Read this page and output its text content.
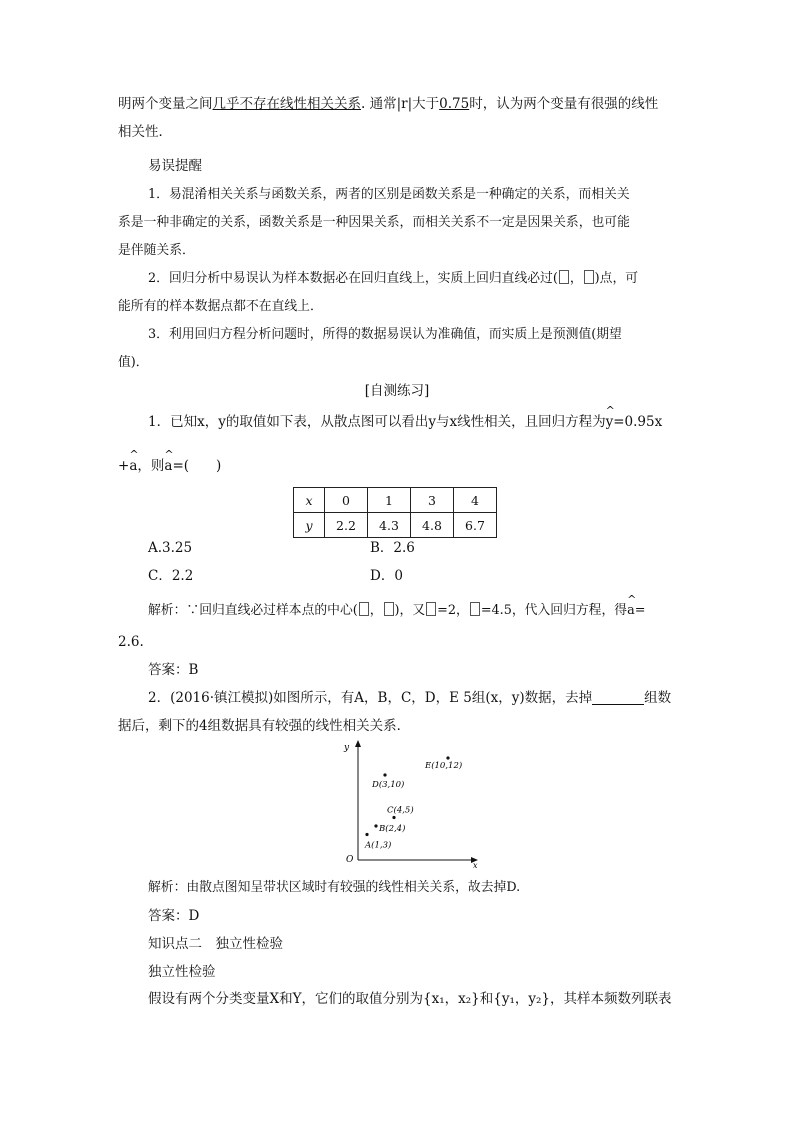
明两个变量之间几乎不存在线性相关关系. 通常|r|大于0.75时，认为两个变量有很强的线性
相关性．
易误提醒
1．易混淆相关关系与函数关系，两者的区别是函数关系是一种确定的关系，而相关关
系是一种非确定的关系，函数关系是一种因果关系，而相关关系不一定是因果关系，也可能
是伴随关系．
2．回归分析中易误认为样本数据必在回归直线上，实质上回归直线必过( ， )点，可
能所有的样本数据点都不在直线上．
3．利用回归方程分析问题时，所得的数据易误认为准确值，而实质上是预测值(期望
值)．
[自测练习]
1．已知x，y的取值如下表，从散点图可以看出y与x线性相关，且回归方程为^ y=0.95x
+^ a，则^ a=(　　)
x	0	1	3	4
y	2.2	4.3	4.8	6.7
A.3.25	B．2.6
C．2.2	D．0
解析：∵回归直线必过样本点的中心( ， )，又 =2， =4.5，代入回归方程，得^ a=
2.6.
答案：B
2．(2016·镇江模拟)如图所示，有A，B，C，D，E 5组(x，y)数据，去掉	组数
据后，剩下的4组数据具有较强的线性相关关系．
y
x
O
A(1,3)
B(2,4)
C(4,5)
D(3,10)
E(10,12)
解析：由散点图知呈带状区域时有较强的线性相关关系，故去掉D.
答案：D
知识点二　独立性检验
独立性检验
假设有两个分类变量X和Y，它们的取值分别为{x₁，x₂}和{y₁，y₂}，其样本频数列联表
